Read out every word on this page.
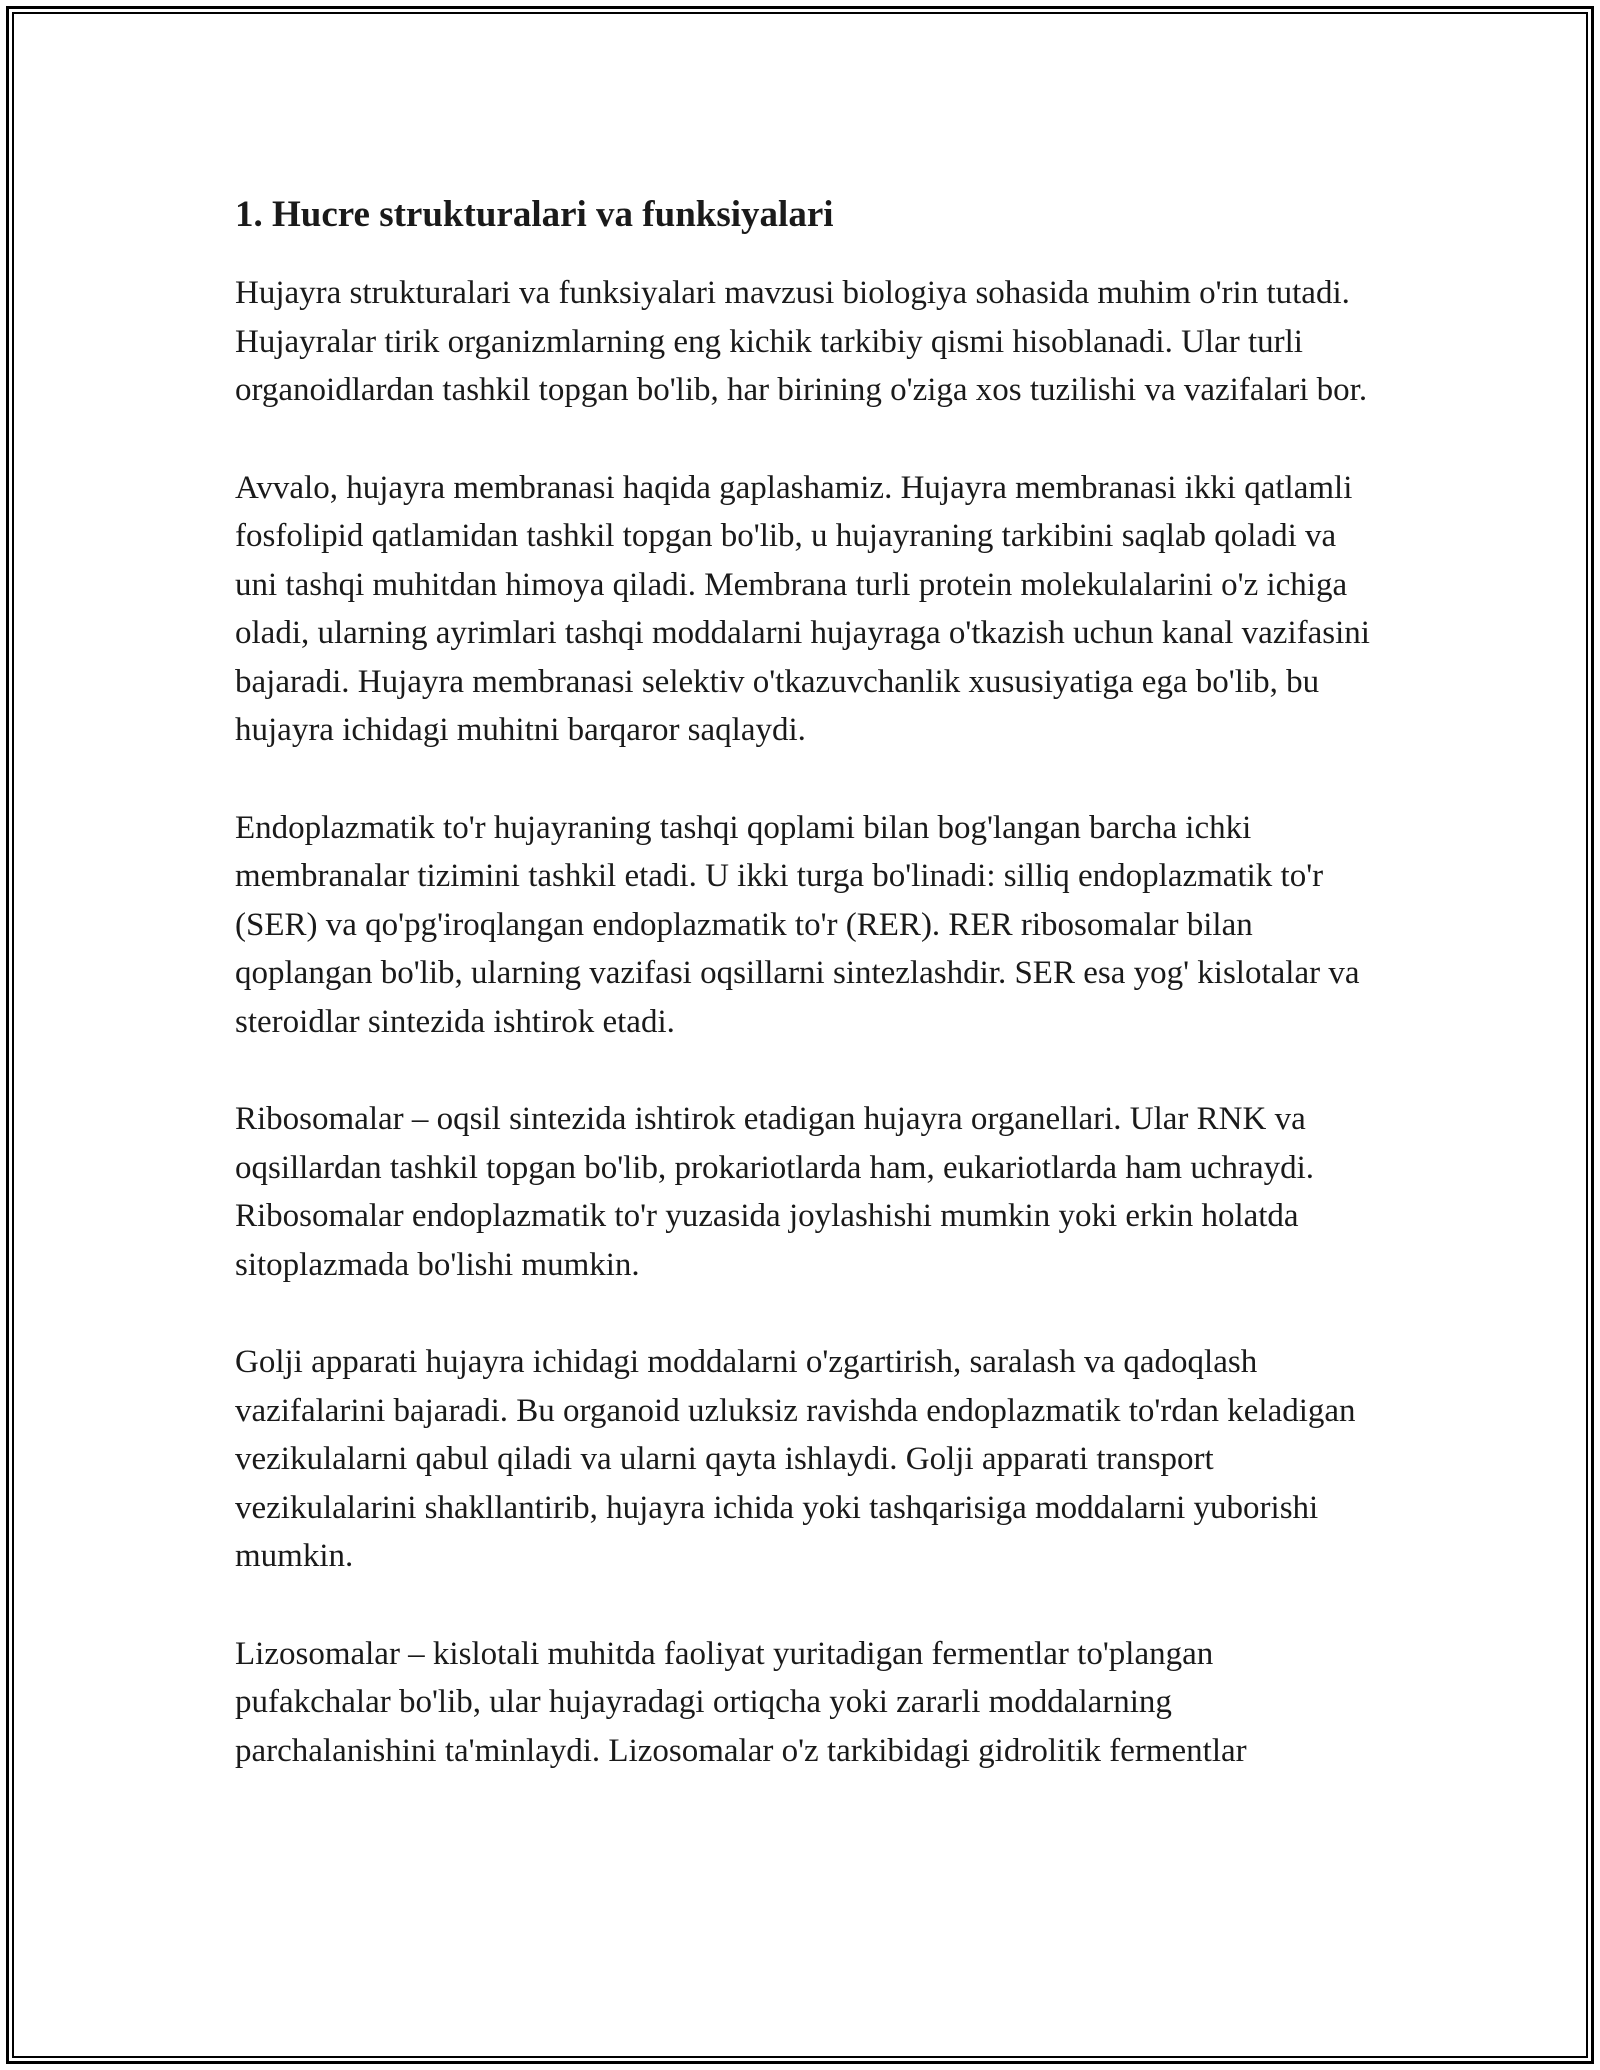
1. Hucre strukturalari va funksiyalari

Hujayra strukturalari va funksiyalari mavzusi biologiya sohasida muhim o'rin tutadi. Hujayralar tirik organizmlarning eng kichik tarkibiy qismi hisoblanadi. Ular turli organoidlardan tashkil topgan bo'lib, har birining o'ziga xos tuzilishi va vazifalari bor.

Avvalo, hujayra membranasi haqida gaplashamiz. Hujayra membranasi ikki qatlamli fosfolipid qatlamidan tashkil topgan bo'lib, u hujayraning tarkibini saqlab qoladi va uni tashqi muhitdan himoya qiladi. Membrana turli protein molekulalarini o'z ichiga oladi, ularning ayrimlari tashqi moddalarni hujayraga o'tkazish uchun kanal vazifasini bajaradi. Hujayra membranasi selektiv o'tkazuvchanlik xususiyatiga ega bo'lib, bu hujayra ichidagi muhitni barqaror saqlaydi.

Endoplazmatik to'r hujayraning tashqi qoplami bilan bog'langan barcha ichki membranalar tizimini tashkil etadi. U ikki turga bo'linadi: silliq endoplazmatik to'r (SER) va qo'pg'iroqlangan endoplazmatik to'r (RER). RER ribosomalar bilan qoplangan bo'lib, ularning vazifasi oqsillarni sintezlashdir. SER esa yog' kislotalar va steroidlar sintezida ishtirok etadi.

Ribosomalar – oqsil sintezida ishtirok etadigan hujayra organellari. Ular RNK va oqsillardan tashkil topgan bo'lib, prokariotlarda ham, eukariotlarda ham uchraydi. Ribosomalar endoplazmatik to'r yuzasida joylashishi mumkin yoki erkin holatda sitoplazmada bo'lishi mumkin.

Golji apparati hujayra ichidagi moddalarni o'zgartirish, saralash va qadoqlash vazifalarini bajaradi. Bu organoid uzluksiz ravishda endoplazmatik to'rdan keladigan vezikulalarni qabul qiladi va ularni qayta ishlaydi. Golji apparati transport vezikulalarini shakllantirib, hujayra ichida yoki tashqarisiga moddalarni yuborishi mumkin.

Lizosomalar – kislotali muhitda faoliyat yuritadigan fermentlar to'plangan pufakchalar bo'lib, ular hujayradagi ortiqcha yoki zararli moddalarning parchalanishini ta'minlaydi. Lizosomalar o'z tarkibidagi gidrolitik fermentlar
